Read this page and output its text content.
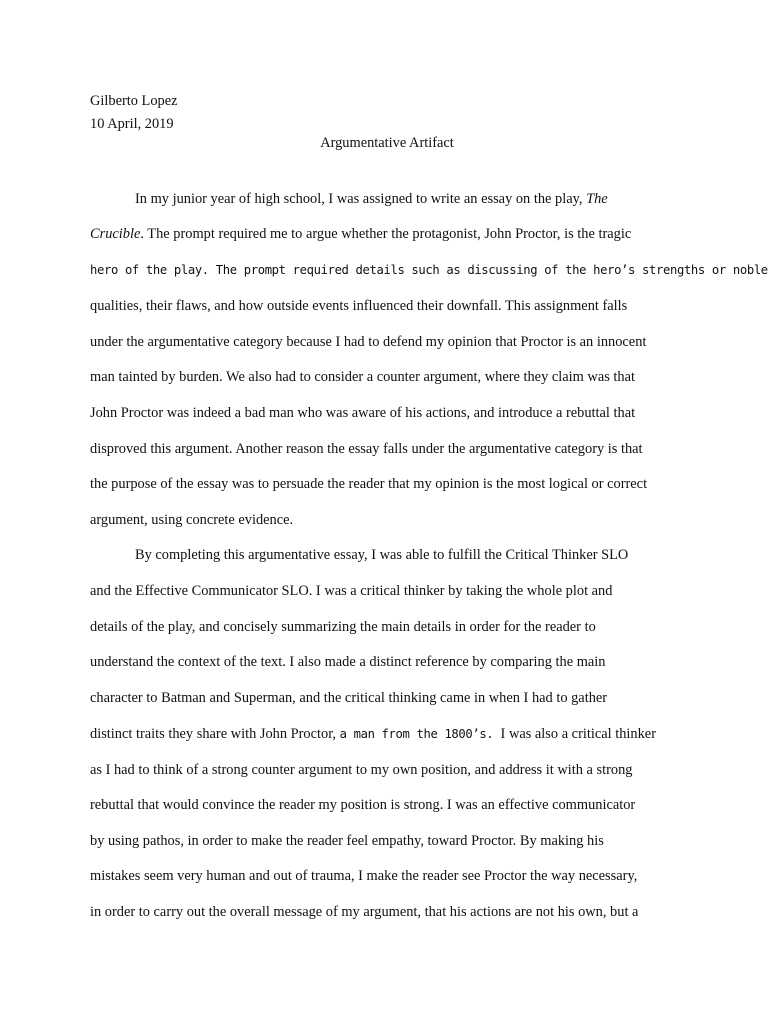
Gilberto Lopez
10 April, 2019
Argumentative Artifact
In my junior year of high school, I was assigned to write an essay on the play, The
Crucible. The prompt required me to argue whether the protagonist, John Proctor, is the tragic
hero of the play. The prompt required details such as discussing of the hero’s strengths or noble
qualities, their flaws, and how outside events influenced their downfall. This assignment falls
under the argumentative category because I had to defend my opinion that Proctor is an innocent
man tainted by burden. We also had to consider a counter argument, where they claim was that
John Proctor was indeed a bad man who was aware of his actions, and introduce a rebuttal that
disproved this argument. Another reason the essay falls under the argumentative category is that
the purpose of the essay was to persuade the reader that my opinion is the most logical or correct
argument, using concrete evidence.
By completing this argumentative essay, I was able to fulfill the Critical Thinker SLO
and the Effective Communicator SLO. I was a critical thinker by taking the whole plot and
details of the play, and concisely summarizing the main details in order for the reader to
understand the context of the text. I also made a distinct reference by comparing the main
character to Batman and Superman, and the critical thinking came in when I had to gather
distinct traits they share with John Proctor, a man from the 1800’s.  I was also a critical thinker
as I had to think of a strong counter argument to my own position, and address it with a strong
rebuttal that would convince the reader my position is strong. I was an effective communicator
by using pathos, in order to make the reader feel empathy, toward Proctor. By making his
mistakes seem very human and out of trauma, I make the reader see Proctor the way necessary,
in order to carry out the overall message of my argument, that his actions are not his own, but a
